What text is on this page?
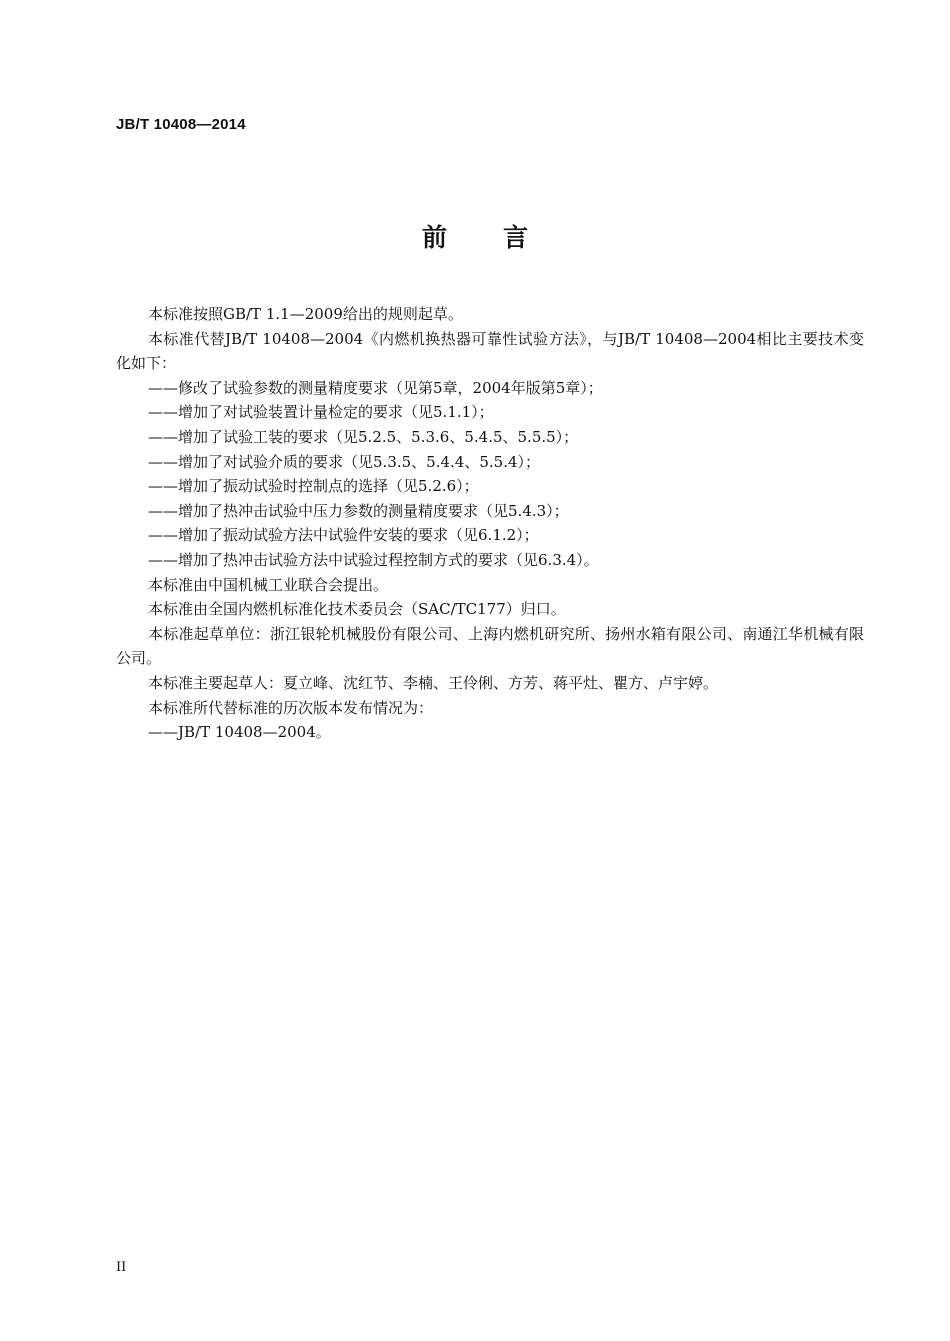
JB/T 10408—2014
前言

本标准按照GB/T 1.1—2009给出的规则起草。

本标准代替JB/T 10408—2004《内燃机换热器可靠性试验方法》，与JB/T 10408—2004相比主要技术变化如下：

——修改了试验参数的测量精度要求（见第5章，2004年版第5章）；

——增加了对试验装置计量检定的要求（见5.1.1）；

——增加了试验工装的要求（见5.2.5、5.3.6、5.4.5、5.5.5）；

——增加了对试验介质的要求（见5.3.5、5.4.4、5.5.4）；

——增加了振动试验时控制点的选择（见5.2.6）；

——增加了热冲击试验中压力参数的测量精度要求（见5.4.3）；

——增加了振动试验方法中试验件安装的要求（见6.1.2）；

——增加了热冲击试验方法中试验过程控制方式的要求（见6.3.4）。

本标准由中国机械工业联合会提出。

本标准由全国内燃机标准化技术委员会（SAC/TC177）归口。

本标准起草单位：浙江银轮机械股份有限公司、上海内燃机研究所、扬州水箱有限公司、南通江华机械有限公司。

本标准主要起草人：夏立峰、沈红节、李楠、王伶俐、方芳、蒋平灶、瞿方、卢宇婷。

本标准所代替标准的历次版本发布情况为：

——JB/T 10408—2004。

II
